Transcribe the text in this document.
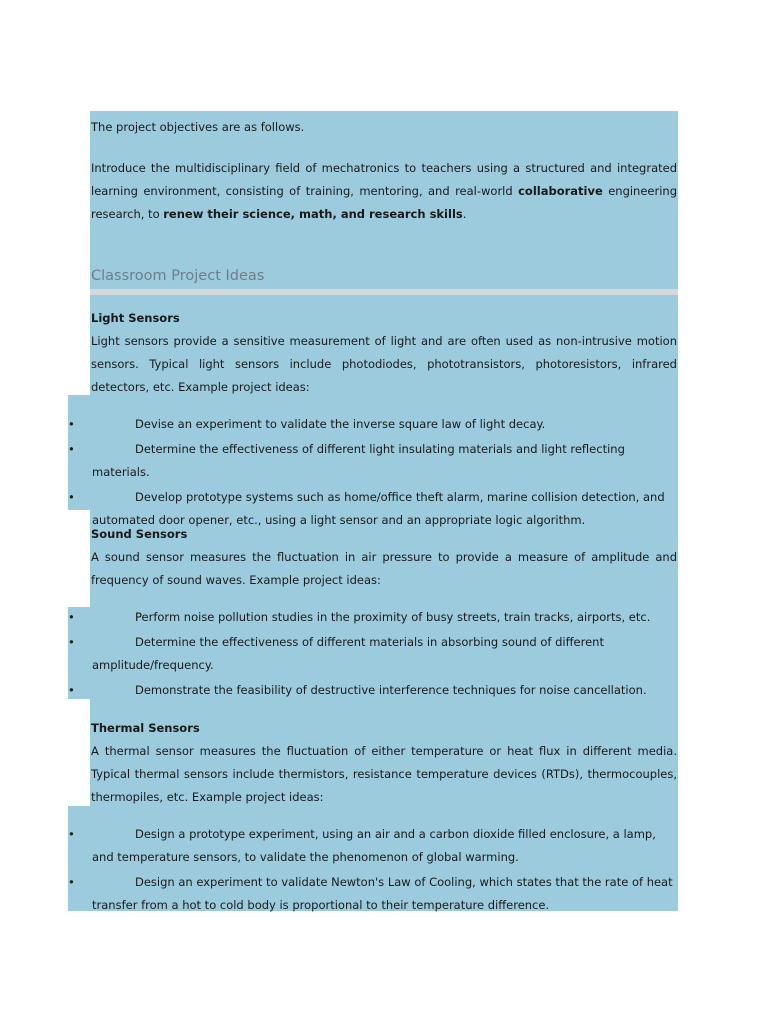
The project objectives are as follows.
Introduce the multidisciplinary field of mechatronics to teachers using a structured and integrated learning environment, consisting of training, mentoring, and real-world collaborative engineering research, to renew their science, math, and research skills.
Classroom Project Ideas
Light Sensors
Light sensors provide a sensitive measurement of light and are often used as non-intrusive motion sensors. Typical light sensors include photodiodes, phototransistors, photoresistors, infrared detectors, etc. Example project ideas:
•	Devise an experiment to validate the inverse square law of light decay.
•	Determine the effectiveness of different light insulating materials and light reflecting materials.
•	Develop prototype systems such as home/office theft alarm, marine collision detection, and automated door opener, etc., using a light sensor and an appropriate logic algorithm.
Sound Sensors
A sound sensor measures the fluctuation in air pressure to provide a measure of amplitude and frequency of sound waves. Example project ideas:
•	Perform noise pollution studies in the proximity of busy streets, train tracks, airports, etc.
•	Determine the effectiveness of different materials in absorbing sound of different amplitude/frequency.
•	Demonstrate the feasibility of destructive interference techniques for noise cancellation.
Thermal Sensors
A thermal sensor measures the fluctuation of either temperature or heat flux in different media. Typical thermal sensors include thermistors, resistance temperature devices (RTDs), thermocouples, thermopiles, etc. Example project ideas:
•	Design a prototype experiment, using an air and a carbon dioxide filled enclosure, a lamp, and temperature sensors, to validate the phenomenon of global warming.
•	Design an experiment to validate Newton's Law of Cooling, which states that the rate of heat transfer from a hot to cold body is proportional to their temperature difference.
